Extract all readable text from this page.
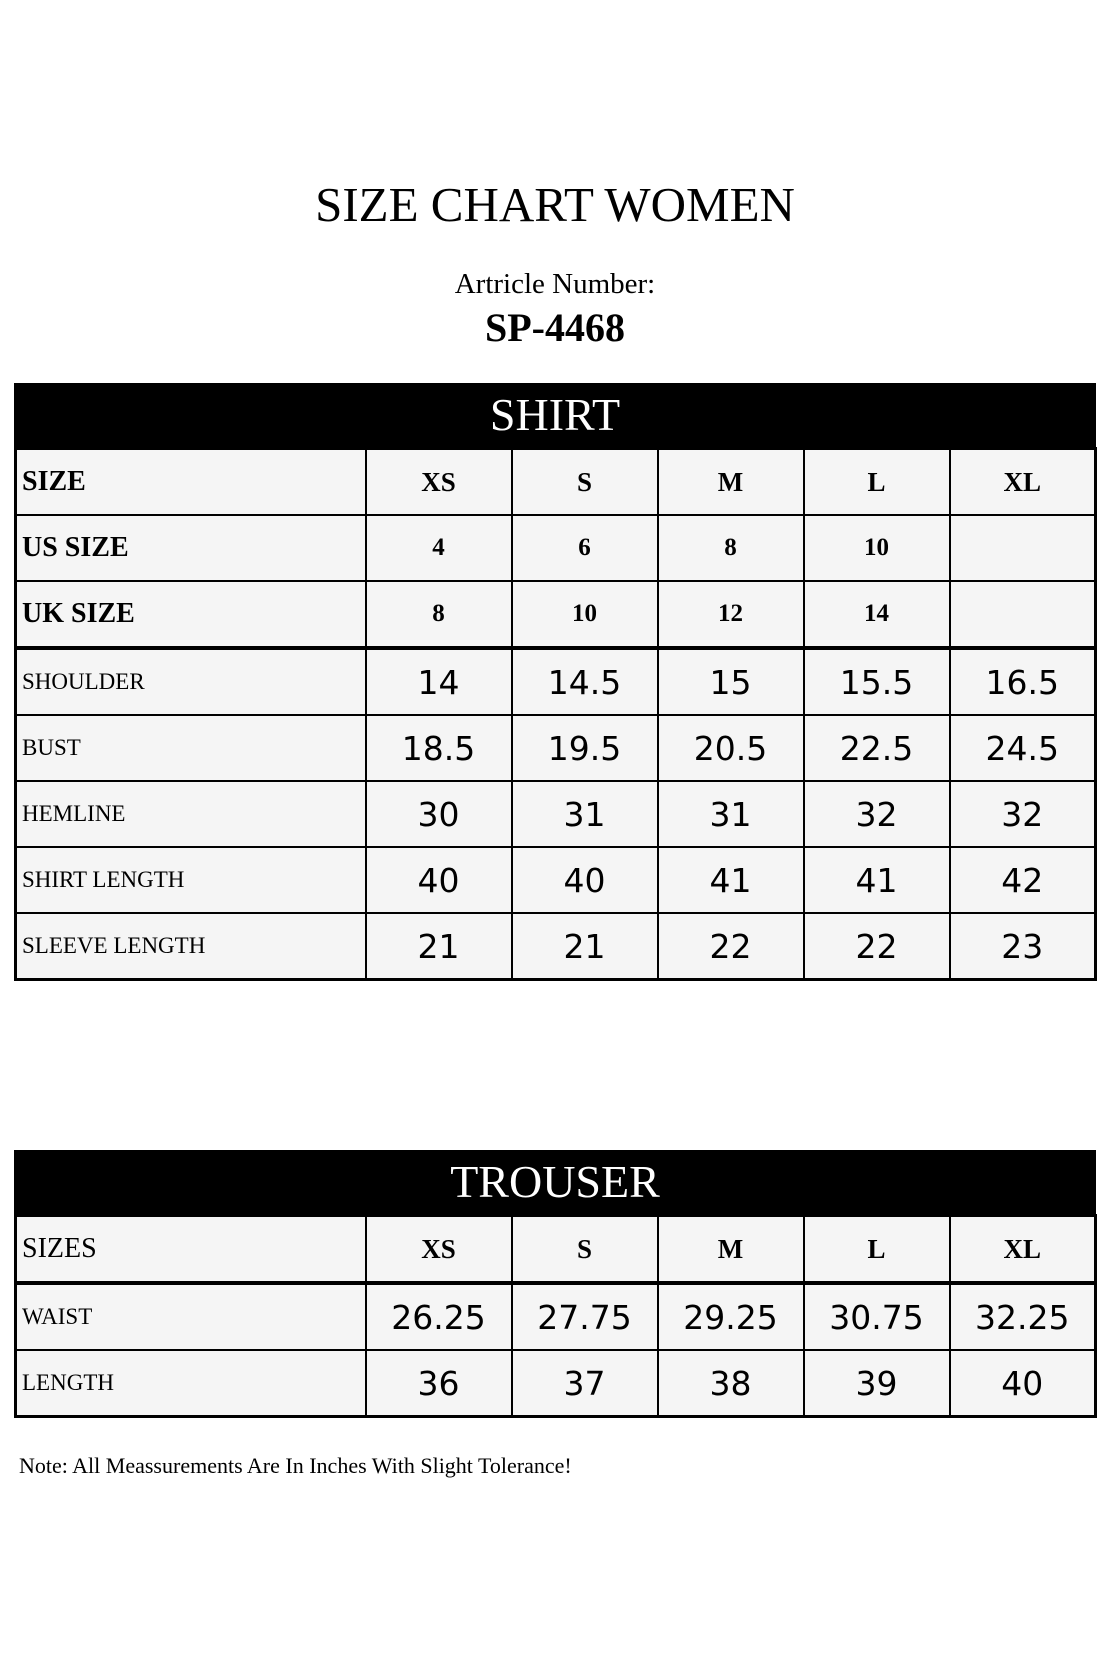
SIZE CHART WOMEN
Artricle Number:
SP-4468
SHIRT
SIZE	XS	S	M	L	XL
US SIZE	4	6	8	10	
UK SIZE	8	10	12	14	
SHOULDER	14	14.5	15	15.5	16.5
BUST	18.5	19.5	20.5	22.5	24.5
HEMLINE	30	31	31	32	32
SHIRT LENGTH	40	40	41	41	42
SLEEVE LENGTH	21	21	22	22	23
TROUSER
SIZES	XS	S	M	L	XL
WAIST	26.25	27.75	29.25	30.75	32.25
LENGTH	36	37	38	39	40
Note: All Meassurements Are In Inches With Slight Tolerance!
